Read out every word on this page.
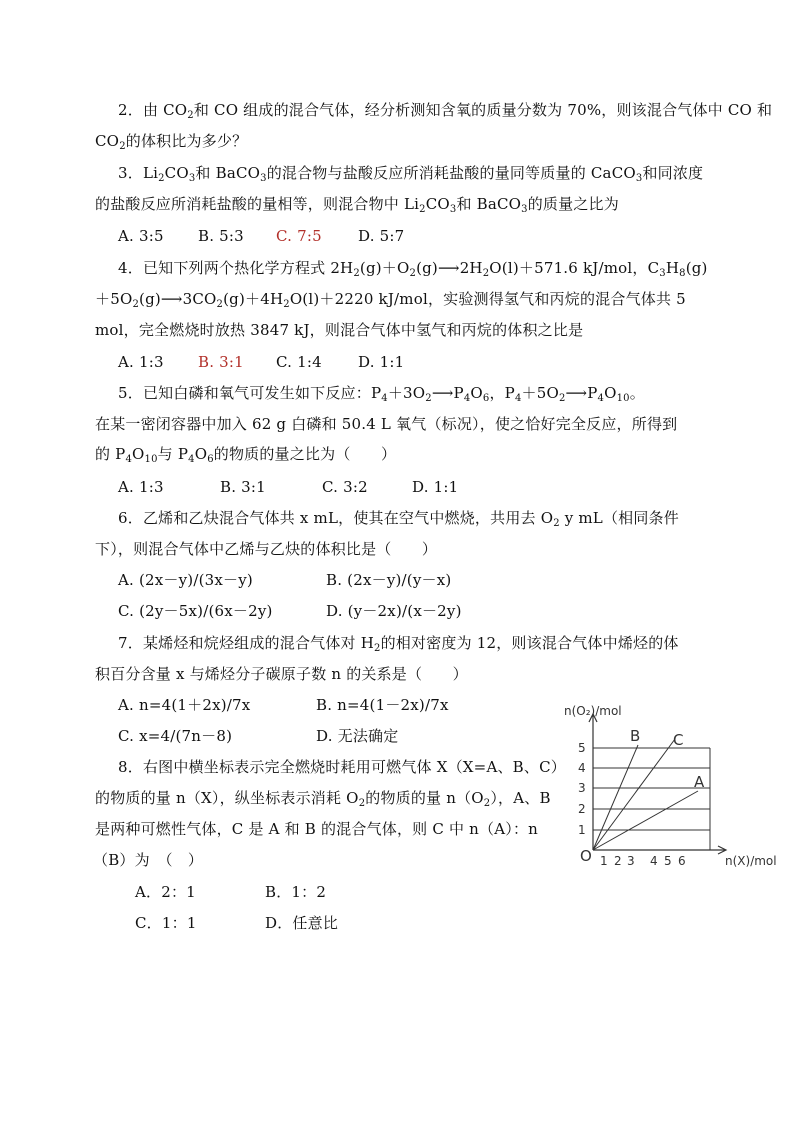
2．由 $CO_2$和 CO 组成的混合气体，经分析测知含氧的质量分数为 70%，则该混合气体中 CO 和
$CO_2$的体积比为多少？
3．$Li_2CO_3$和 BaCO$_3$的混合物与盐酸反应所消耗盐酸的量同等质量的 CaCO$_3$和同浓度
的盐酸反应所消耗盐酸的量相等，则混合物中 $Li_2CO_3$和 BaCO$_3$的质量之比为
A. 3:5 B. 5:3 C. 7:5 D. 5:7
4．已知下列两个热化学方程式 $2H_2(g)+O_2(g)⟶2H_2O(l)+571.6$ kJ/mol，$C_3H_8(g)$
$+5O_2(g)⟶3CO_2(g)+4H_2O(l)+2220$ kJ/mol，实验测得氢气和丙烷的混合气体共 5
mol，完全燃烧时放热 3847 kJ，则混合气体中氢气和丙烷的体积之比是
A. 1:3 B. 3:1 C. 1:4 D. 1:1
5．已知白磷和氧气可发生如下反应：$P_4+3O_2⟶P_4O_6$，$P_4+5O_2⟶P_4O_{10}$。
在某一密闭容器中加入 62 g 白磷和 50.4 L 氧气（标况），使之恰好完全反应，所得到
的 $P_4O_{10}$与 $P_4O_6$的物质的量之比为（　　）
A. 1:3	B. 3:1	C. 3:2	D. 1:1
6．乙烯和乙炔混合气体共 x mL，使其在空气中燃烧，共用去 $O_2$ y mL（相同条件
下），则混合气体中乙烯与乙炔的体积比是（　　）
A. (2x－y)/(3x－y)	B. (2x－y)/(y－x)
C. (2y－5x)/(6x－2y)	D. (y－2x)/(x－2y)
7．某烯烃和烷烃组成的混合气体对 $H_2$的相对密度为 12，则该混合气体中烯烃的体
积百分含量 x 与烯烃分子碳原子数 n 的关系是（　　）
A. n=4(1＋2x)/7x	B. n=4(1－2x)/7x
C. x=4/(7n－8)	D. 无法确定
8．右图中横坐标表示完全燃烧时耗用可燃气体 X（X=A、B、C）
的物质的量 n（X），纵坐标表示消耗 $O_2$的物质的量 $n(O_2)$，A、B
是两种可燃性气体，C 是 A 和 B 的混合气体，则 C 中 n（A）：n
（B）为　（　）
A．2：1	B．1：2
C．1：1	D．任意比
n(O₂)/mol
n(X)/mol
O
1
2
3
4
5
1 2 3 4 5 6
B C
A
